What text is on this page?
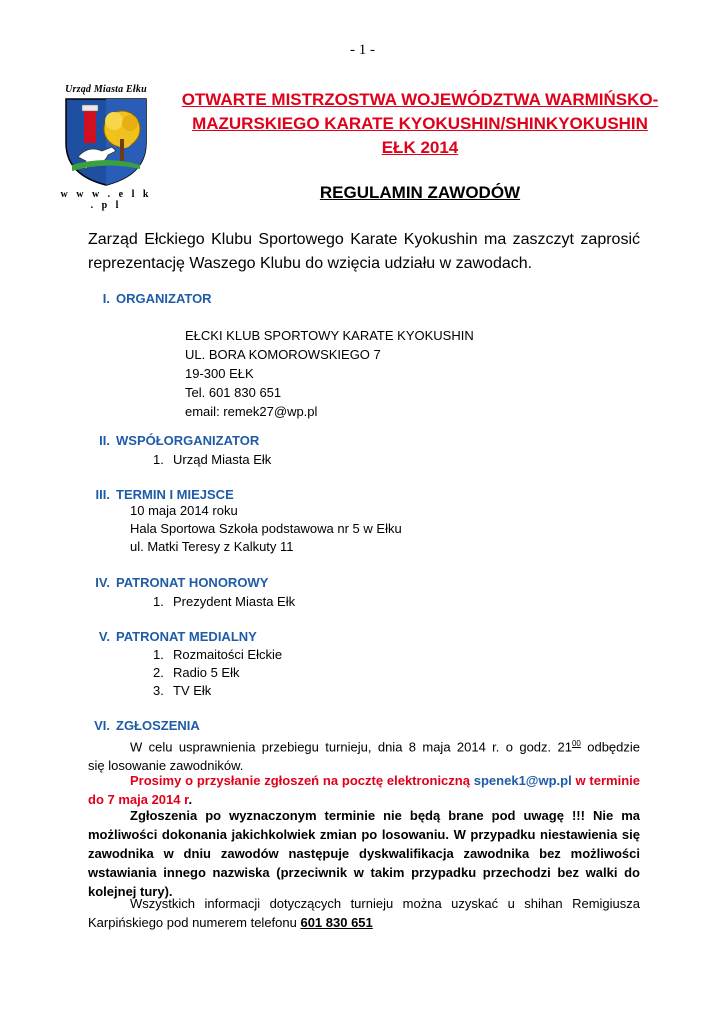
- 1 -
Urząd Miasta Ełku
w w w . e l k . p l
OTWARTE MISTRZOSTWA WOJEWÓDZTWA WARMIŃSKO-
MAZURSKIEGO KARATE KYOKUSHIN/SHINKYOKUSHIN
EŁK 2014
REGULAMIN ZAWODÓW
Zarząd Ełckiego Klubu Sportowego Karate Kyokushin ma zaszczyt zaprosić reprezentację Waszego Klubu do wzięcia udziału w zawodach.
I. ORGANIZATOR
EŁCKI KLUB SPORTOWY KARATE KYOKUSHIN
UL. BORA KOMOROWSKIEGO 7
19-300 EŁK
Tel. 601 830 651
email: remek27@wp.pl
II. WSPÓŁORGANIZATOR
1. Urząd Miasta Ełk
III. TERMIN I MIEJSCE
10 maja 2014 roku
Hala Sportowa Szkoła podstawowa nr 5 w Ełku
ul. Matki Teresy z Kalkuty 11
IV. PATRONAT HONOROWY
1. Prezydent Miasta Ełk
V. PATRONAT MEDIALNY
1. Rozmaitości Ełckie
2. Radio 5 Ełk
3. TV Ełk
VI. ZGŁOSZENIA
W celu usprawnienia przebiegu turnieju, dnia 8 maja 2014 r. o godz. $21^{00}$ odbędzie
się losowanie zawodników.
Prosimy o przysłanie zgłoszeń na pocztę elektroniczną spenek1@wp.pl w terminie
do 7 maja 2014 r.
Zgłoszenia po wyznaczonym terminie nie będą brane pod uwagę !!! Nie ma możliwości dokonania jakichkolwiek zmian po losowaniu. W przypadku niestawienia się zawodnika w dniu zawodów następuje dyskwalifikacja zawodnika bez możliwości wstawiania innego nazwiska (przeciwnik w takim przypadku przechodzi bez walki do kolejnej tury).
Wszystkich informacji dotyczących turnieju można uzyskać u shihan Remigiusza Karpińskiego pod numerem telefonu 601 830 651
